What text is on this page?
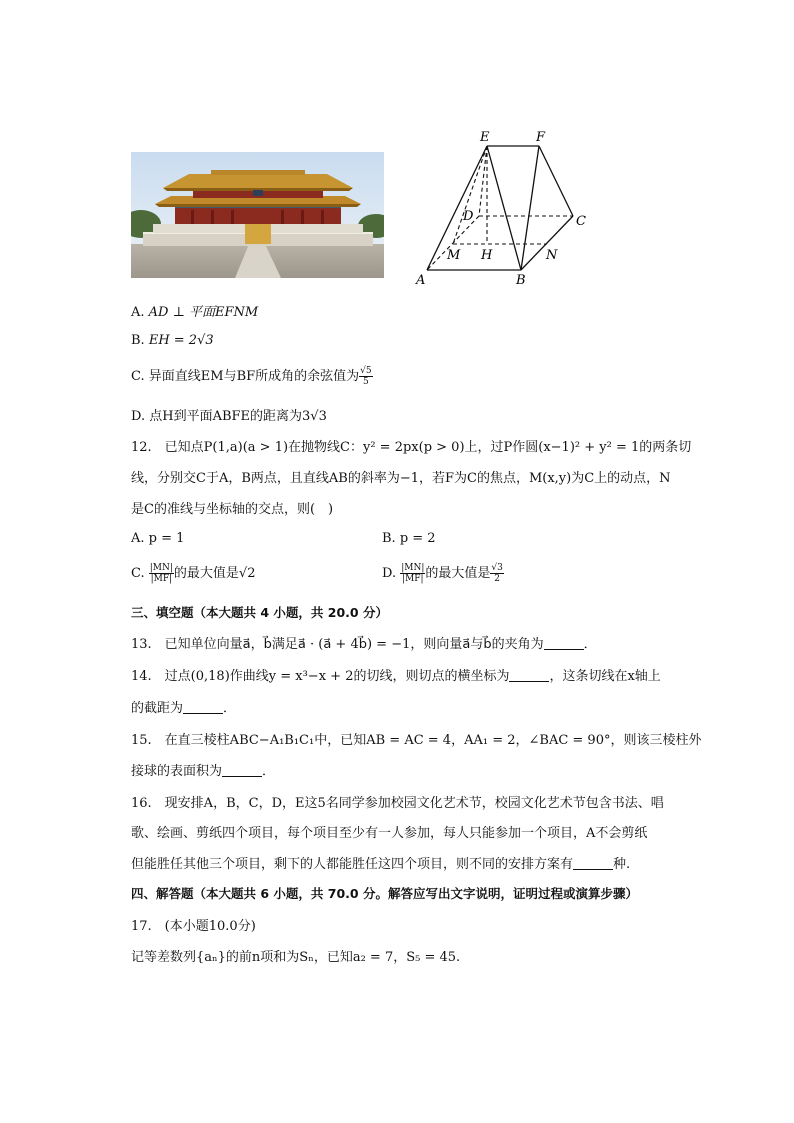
E	F
D	C
M H	N
A	B
A. AD ⊥ 平面EFNM
B. EH = 2√3
C. 异面直线EM与BF所成角的余弦值为 $\frac{√5}{5}$
D. 点H到平面ABFE的距离为3√3
12.　已知点P(1,a)(a > 1)在抛物线C：y² = 2px(p > 0)上，过P作圆(x−1)² + y² = 1的两条切
线，分别交C于A，B两点，且直线AB的斜率为−1，若F为C的焦点，M(x,y)为C上的动点，N
是C的准线与坐标轴的交点，则(　)
A. p = 1	B. p = 2
C. $\frac{|MN|}{|MF|}$ 的最大值是√2	D. $\frac{|MN|}{|MF|}$ 的最大值是 $\frac{√3}{2}$
三、填空题（本大题共 4 小题，共 20.0 分）
13.　已知单位向量a⃗，b⃗满足a⃗ · (a⃗ + 4b⃗) = −1，则向量a⃗与b⃗的夹角为	．
14.　过点(0,18)作曲线y = x³−x + 2的切线，则切点的横坐标为	，这条切线在x轴上
的截距为	．
15.　在直三棱柱ABC−A₁B₁C₁中，已知AB = AC = 4，AA₁ = 2，∠BAC = 90°，则该三棱柱外
接球的表面积为	．
16.　现安排A，B，C，D，E这5名同学参加校园文化艺术节，校园文化艺术节包含书法、唱
歌、绘画、剪纸四个项目，每个项目至少有一人参加，每人只能参加一个项目，A不会剪纸
但能胜任其他三个项目，剩下的人都能胜任这四个项目，则不同的安排方案有	种.
四、解答题（本大题共 6 小题，共 70.0 分。解答应写出文字说明，证明过程或演算步骤）
17.　(本小题10.0分)
记等差数列{aₙ}的前n项和为Sₙ，已知a₂ = 7，S₅ = 45.
